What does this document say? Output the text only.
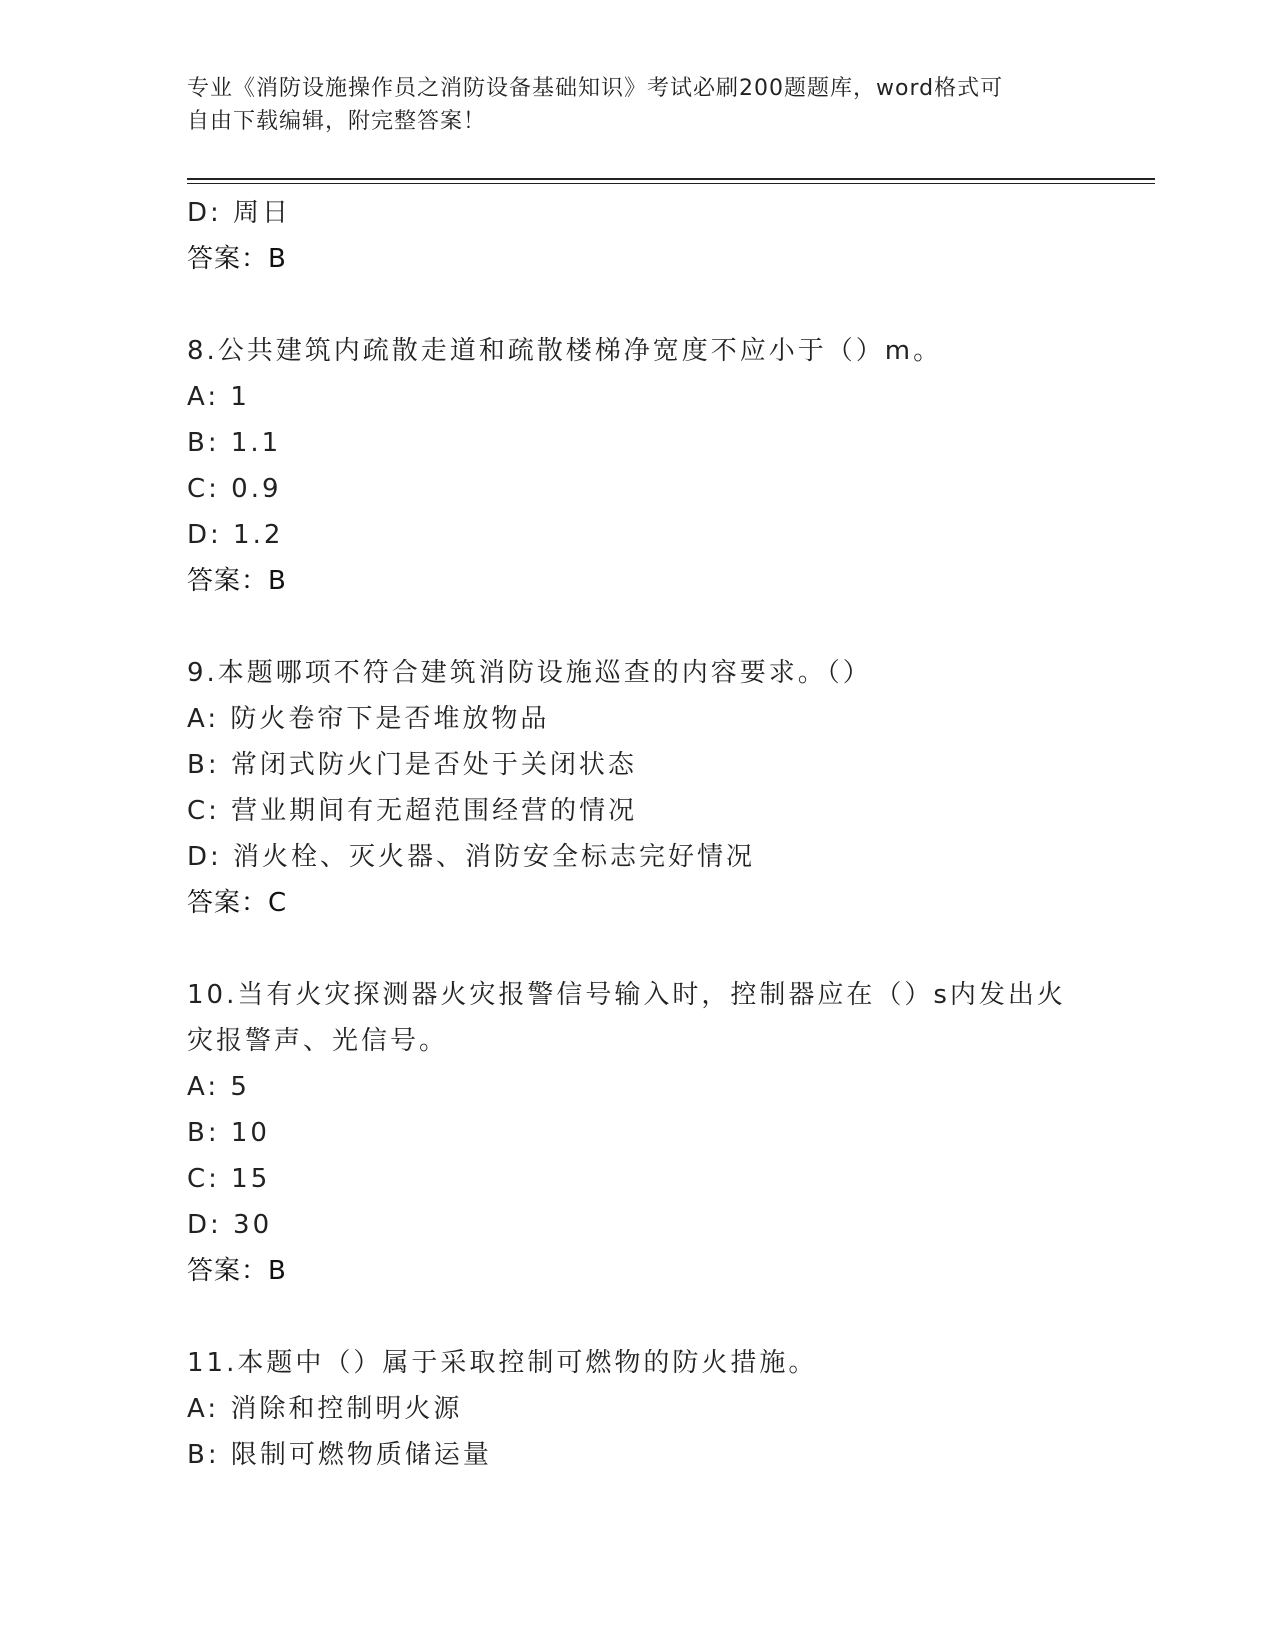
专业《消防设施操作员之消防设备基础知识》考试必刷200题题库，word格式可
自由下载编辑，附完整答案！
D: 周日
答案：B
8.公共建筑内疏散走道和疏散楼梯净宽度不应小于（）m。
A: 1
B: 1.1
C: 0.9
D: 1.2
答案：B
9.本题哪项不符合建筑消防设施巡查的内容要求。（）
A: 防火卷帘下是否堆放物品
B: 常闭式防火门是否处于关闭状态
C: 营业期间有无超范围经营的情况
D: 消火栓、灭火器、消防安全标志完好情况
答案：C
10.当有火灾探测器火灾报警信号输入时，控制器应在（）s内发出火
灾报警声、光信号。
A: 5
B: 10
C: 15
D: 30
答案：B
11.本题中（）属于采取控制可燃物的防火措施。
A: 消除和控制明火源
B: 限制可燃物质储运量
